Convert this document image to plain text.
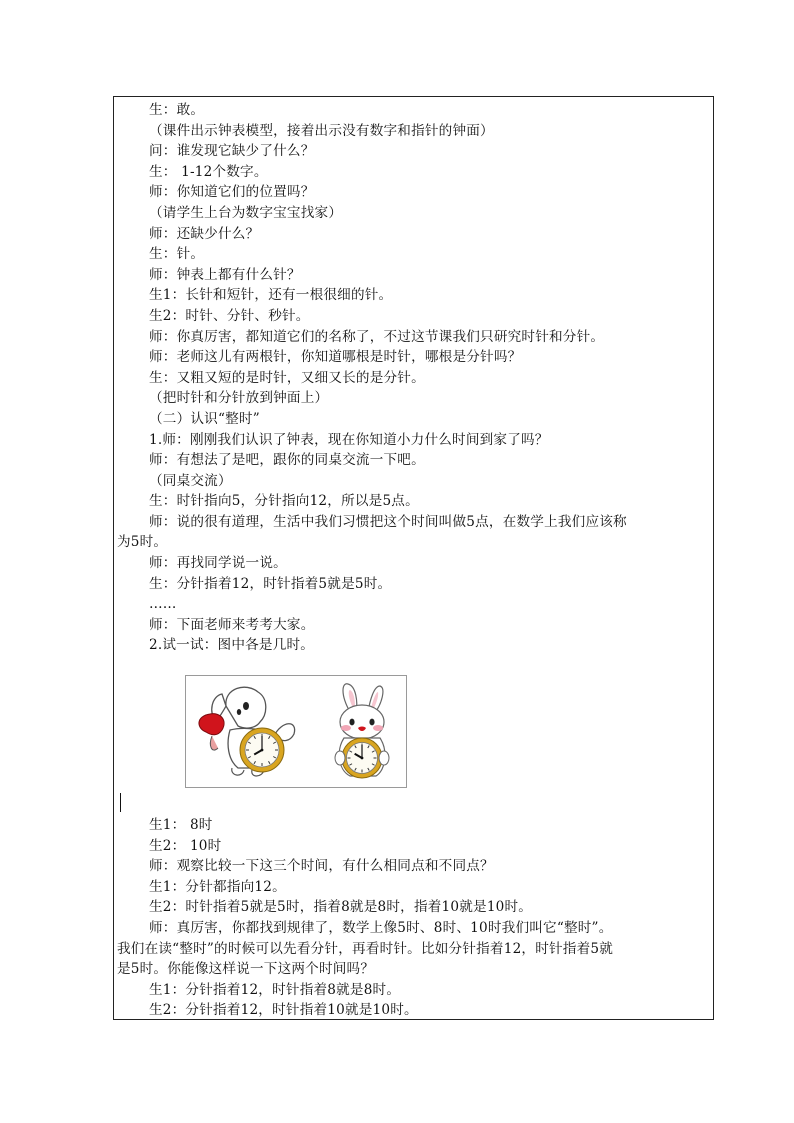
生：敢。
（课件出示钟表模型，接着出示没有数字和指针的钟面）
问：谁发现它缺少了什么？
生： 1-12个数字。
师：你知道它们的位置吗？
（请学生上台为数字宝宝找家）
师：还缺少什么？
生：针。
师：钟表上都有什么针？
生1：长针和短针，还有一根很细的针。
生2：时针、分针、秒针。
师：你真厉害，都知道它们的名称了，不过这节课我们只研究时针和分针。
师：老师这儿有两根针，你知道哪根是时针，哪根是分针吗？
生：又粗又短的是时针，又细又长的是分针。
（把时针和分针放到钟面上）
（二）认识“整时”
1.师：刚刚我们认识了钟表，现在你知道小力什么时间到家了吗？
师：有想法了是吧，跟你的同桌交流一下吧。
（同桌交流）
生：时针指向5，分针指向12，所以是5点。
师：说的很有道理，生活中我们习惯把这个时间叫做5点，在数学上我们应该称
为5时。
师：再找同学说一说。
生：分针指着12，时针指着5就是5时。
……
师：下面老师来考考大家。
2.试一试：图中各是几时。
生1： 8时
生2： 10时
师：观察比较一下这三个时间，有什么相同点和不同点？
生1：分针都指向12。
生2：时针指着5就是5时，指着8就是8时，指着10就是10时。
师：真厉害，你都找到规律了，数学上像5时、8时、10时我们叫它“整时”。
我们在读“整时”的时候可以先看分针，再看时针。比如分针指着12，时针指着5就
是5时。你能像这样说一下这两个时间吗？
生1：分针指着12，时针指着8就是8时。
生2：分针指着12，时针指着10就是10时。
